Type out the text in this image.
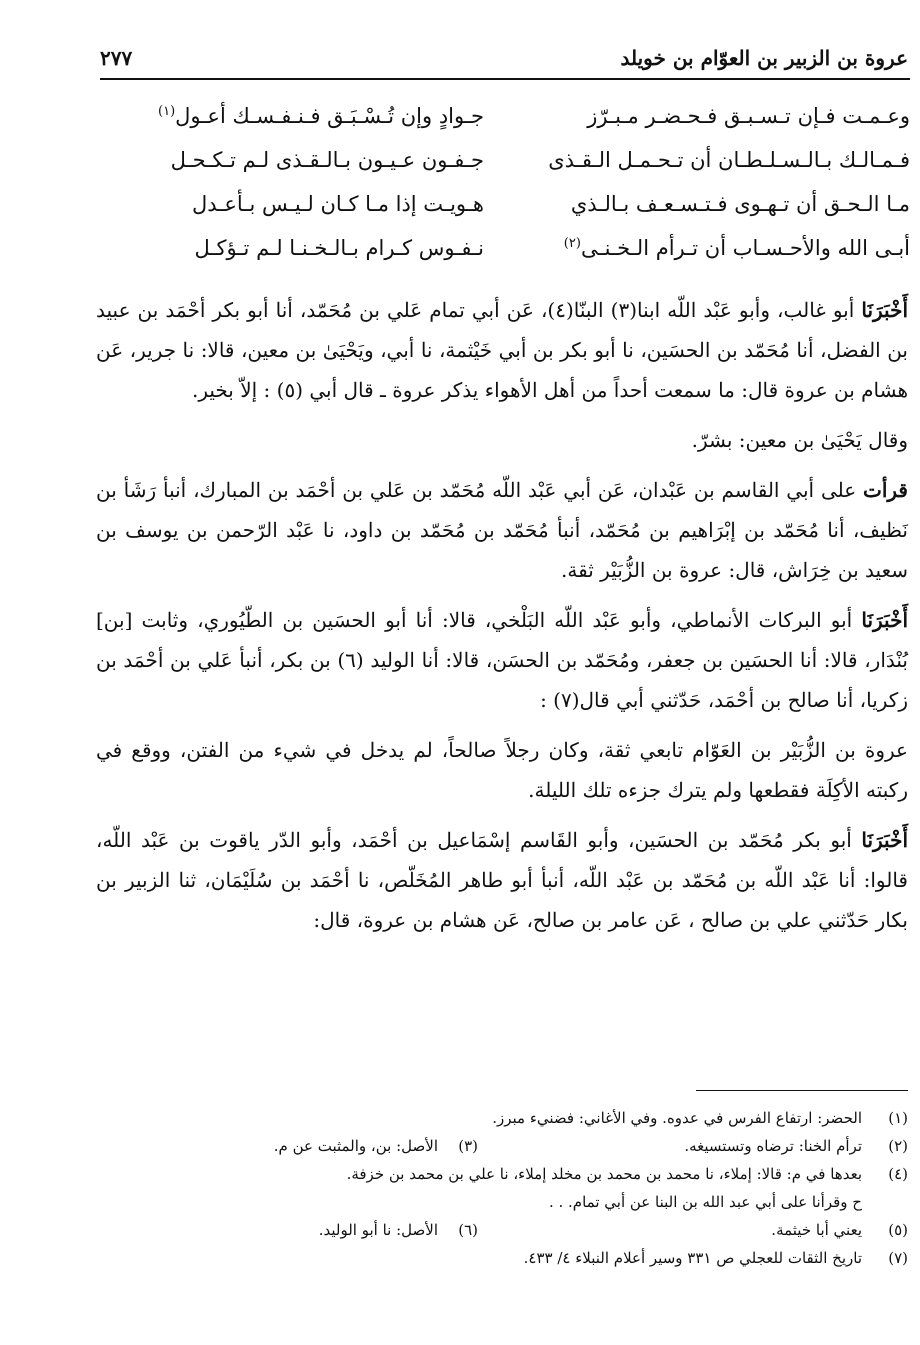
عروة بن الزبير بن العوّام بن خويلد
٢٧٧
وعـمـت فـإن تـسـبـق فـحـضـر مـبـرّز
جـوادٍ وإن تُـسْـبَـق فـنـفـسـك أعـول$^{(١)}$
فـمـالـك بـالـسـلـطـان أن تـحـمـل الـقـذى
جـفـون عـيـون بـالـقـذى لـم تـكـحـل
مـا الـحـق أن تـهـوى فـتـسـعـف بـالـذي
هـويـت إذا مـا كـان لـيـس بـأعـدل
أبـى الله والأحـسـاب أن تـرأم الـخـنـى$^{(٢)}$
نـفـوس كـرام بـالـخـنـا لـم تـؤكـل

أَخْبَرَنَا أبو غالب، وأبو عَبْد اللّه ابنا(٣) البنّا(٤)، عَن أبي تمام عَلي بن مُحَمّد، أنا أبو بكر أحْمَد بن عبيد بن الفضل، أنا مُحَمّد بن الحسَين، نا أبو بكر بن أبي خَيْثمة، نا أبي، ويَحْيَىٰ بن معين، قالا: نا جرير، عَن هشام بن عروة قال: ما سمعت أحداً من أهل الأهواء يذكر عروة ـ قال أبي (٥) : إلاّ بخير.

وقال يَحْيَىٰ بن معين: بشرّ.

قرأت على أبي القاسم بن عَبْدان، عَن أبي عَبْد اللّه مُحَمّد بن عَلي بن أحْمَد بن المبارك، أنبأ رَشَأ بن نَظيف، أنا مُحَمّد بن إبْرَاهيم بن مُحَمّد، أنبأ مُحَمّد بن مُحَمّد بن داود، نا عَبْد الرّحمن بن يوسف بن سعيد بن خِرَاش، قال: عروة بن الزُّبَيْر ثقة.

أَخْبَرَنَا أبو البركات الأنماطي، وأبو عَبْد اللّه البَلْخي، قالا: أنا أبو الحسَين بن الطّيُوري، وثابت [بن] بُنْدَار، قالا: أنا الحسَين بن جعفر، ومُحَمّد بن الحسَن، قالا: أنا الوليد (٦) بن بكر، أنبأ عَلي بن أحْمَد بن زكريا، أنا صالح بن أحْمَد، حَدّثني أبي قال(٧) :

عروة بن الزُّبَيْر بن العَوّام تابعي ثقة، وكان رجلاً صالحاً، لم يدخل في شيء من الفتن، ووقع في ركبته الأكِلَة فقطعها ولم يترك جزءه تلك الليلة.

أَخْبَرَنَا أبو بكر مُحَمّد بن الحسَين، وأبو القَاسم إسْمَاعيل بن أحْمَد، وأبو الدّر ياقوت بن عَبْد اللّه، قالوا: أنا عَبْد اللّه بن مُحَمّد بن عَبْد اللّه، أنبأ أبو طاهر المُخَلّص، نا أحْمَد بن سُلَيْمَان، ثنا الزبير بن بكار حَدّثني علي بن صالح ، عَن عامر بن صالح، عَن هشام بن عروة، قال:

(١)
الحضر: ارتفاع الفرس في عدوه. وفي الأغاني: فضنيء مبرز.
(٢)
ترأم الخنا: ترضاه وتستسيغه.
(٣)
الأصل: بن، والمثبت عن م.
(٤)
بعدها في م: قالا: إملاء، نا محمد بن محمد بن مخلد إملاء، نا علي بن محمد بن خزفة.
ح وقرأنا على أبي عبد الله بن البنا عن أبي تمام. . .
(٥)
يعني أبا خيثمة.
(٦)
الأصل: نا أبو الوليد.
(٧)
تاريخ الثقات للعجلي ص ٣٣١ وسير أعلام النبلاء ٤/ ٤٣٣.
